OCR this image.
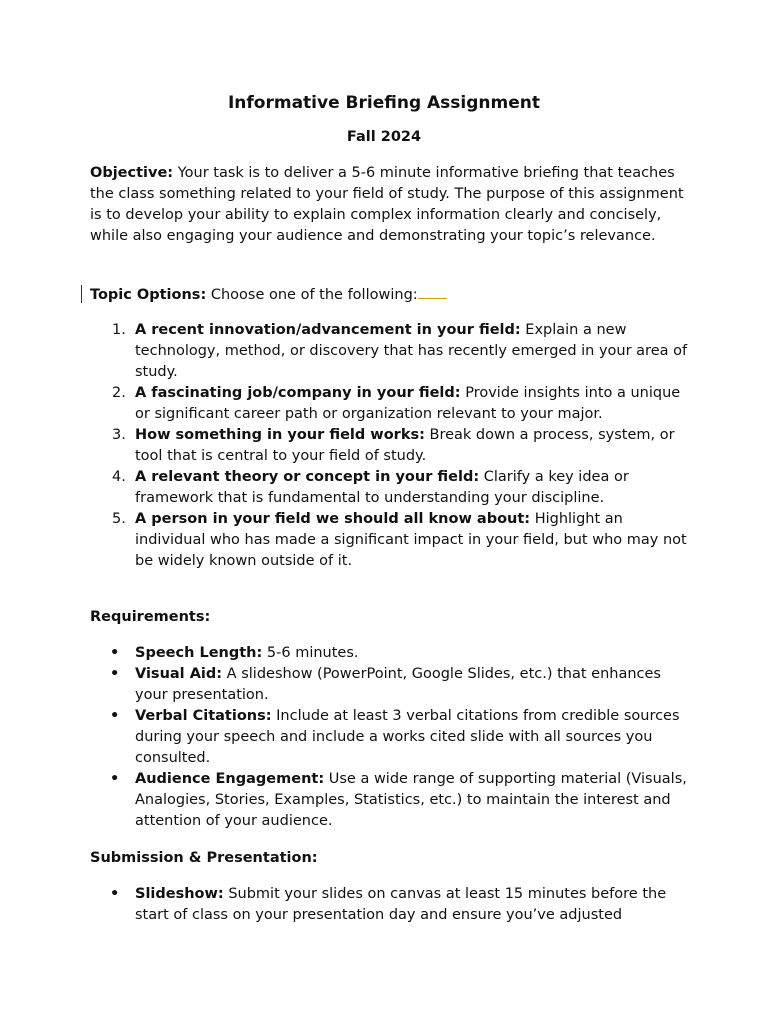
Informative Briefing Assignment
Fall 2024
Objective: Your task is to deliver a 5-6 minute informative briefing that teaches the class something related to your field of study. The purpose of this assignment is to develop your ability to explain complex information clearly and concisely, while also engaging your audience and demonstrating your topic’s relevance.
Topic Options: Choose one of the following:
1. A recent innovation/advancement in your field: Explain a new technology, method, or discovery that has recently emerged in your area of study.
2. A fascinating job/company in your field: Provide insights into a unique or significant career path or organization relevant to your major.
3. How something in your field works: Break down a process, system, or tool that is central to your field of study.
4. A relevant theory or concept in your field: Clarify a key idea or framework that is fundamental to understanding your discipline.
5. A person in your field we should all know about: Highlight an individual who has made a significant impact in your field, but who may not be widely known outside of it.
Requirements:
• Speech Length: 5-6 minutes.
• Visual Aid: A slideshow (PowerPoint, Google Slides, etc.) that enhances your presentation.
• Verbal Citations: Include at least 3 verbal citations from credible sources during your speech and include a works cited slide with all sources you consulted.
• Audience Engagement: Use a wide range of supporting material (Visuals, Analogies, Stories, Examples, Statistics, etc.) to maintain the interest and attention of your audience.
Submission & Presentation:
• Slideshow: Submit your slides on canvas at least 15 minutes before the start of class on your presentation day and ensure you’ve adjusted
